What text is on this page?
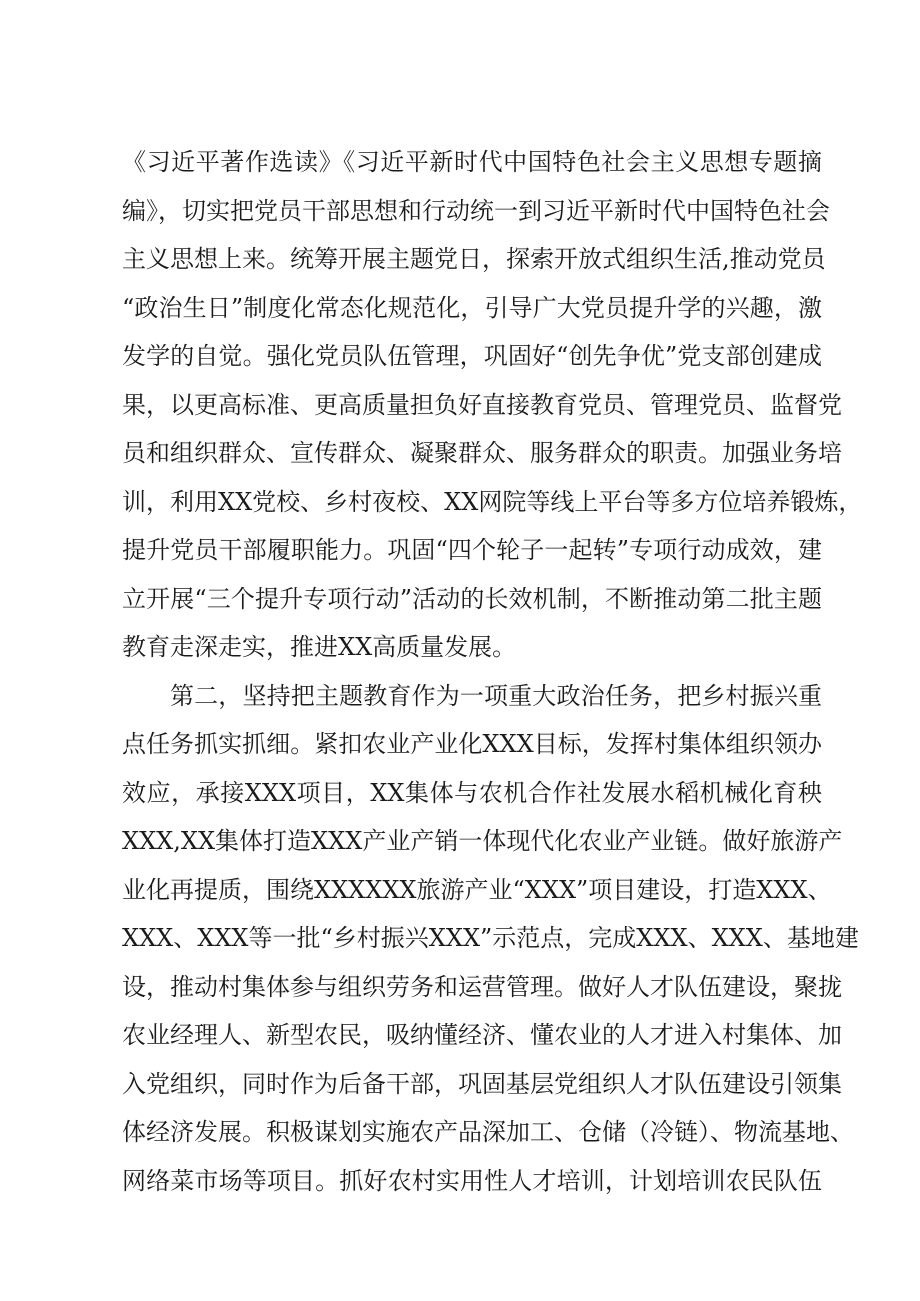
《习近平著作选读》《习近平新时代中国特色社会主义思想专题摘
编》，切实把党员干部思想和行动统一到习近平新时代中国特色社会
主义思想上来。统筹开展主题党日，探索开放式组织生活,推动党员
“政治生日”制度化常态化规范化，引导广大党员提升学的兴趣，激
发学的自觉。强化党员队伍管理，巩固好“创先争优”党支部创建成
果，以更高标准、更高质量担负好直接教育党员、管理党员、监督党
员和组织群众、宣传群众、凝聚群众、服务群众的职责。加强业务培
训，利用XX党校、乡村夜校、XX网院等线上平台等多方位培养锻炼，
提升党员干部履职能力。巩固“四个轮子一起转”专项行动成效，建
立开展“三个提升专项行动”活动的长效机制，不断推动第二批主题
教育走深走实，推进XX高质量发展。
第二，坚持把主题教育作为一项重大政治任务，把乡村振兴重
点任务抓实抓细。紧扣农业产业化XXX目标，发挥村集体组织领办
效应，承接XXX项目，XX集体与农机合作社发展水稻机械化育秧
XXX,XX集体打造XXX产业产销一体现代化农业产业链。做好旅游产
业化再提质，围绕XXXXXX旅游产业“XXX”项目建设，打造XXX、
XXX、XXX等一批“乡村振兴XXX”示范点，完成XXX、XXX、基地建
设，推动村集体参与组织劳务和运营管理。做好人才队伍建设，聚拢
农业经理人、新型农民，吸纳懂经济、懂农业的人才进入村集体、加
入党组织，同时作为后备干部，巩固基层党组织人才队伍建设引领集
体经济发展。积极谋划实施农产品深加工、仓储（冷链）、物流基地、
网络菜市场等项目。抓好农村实用性人才培训，计划培训农民队伍
